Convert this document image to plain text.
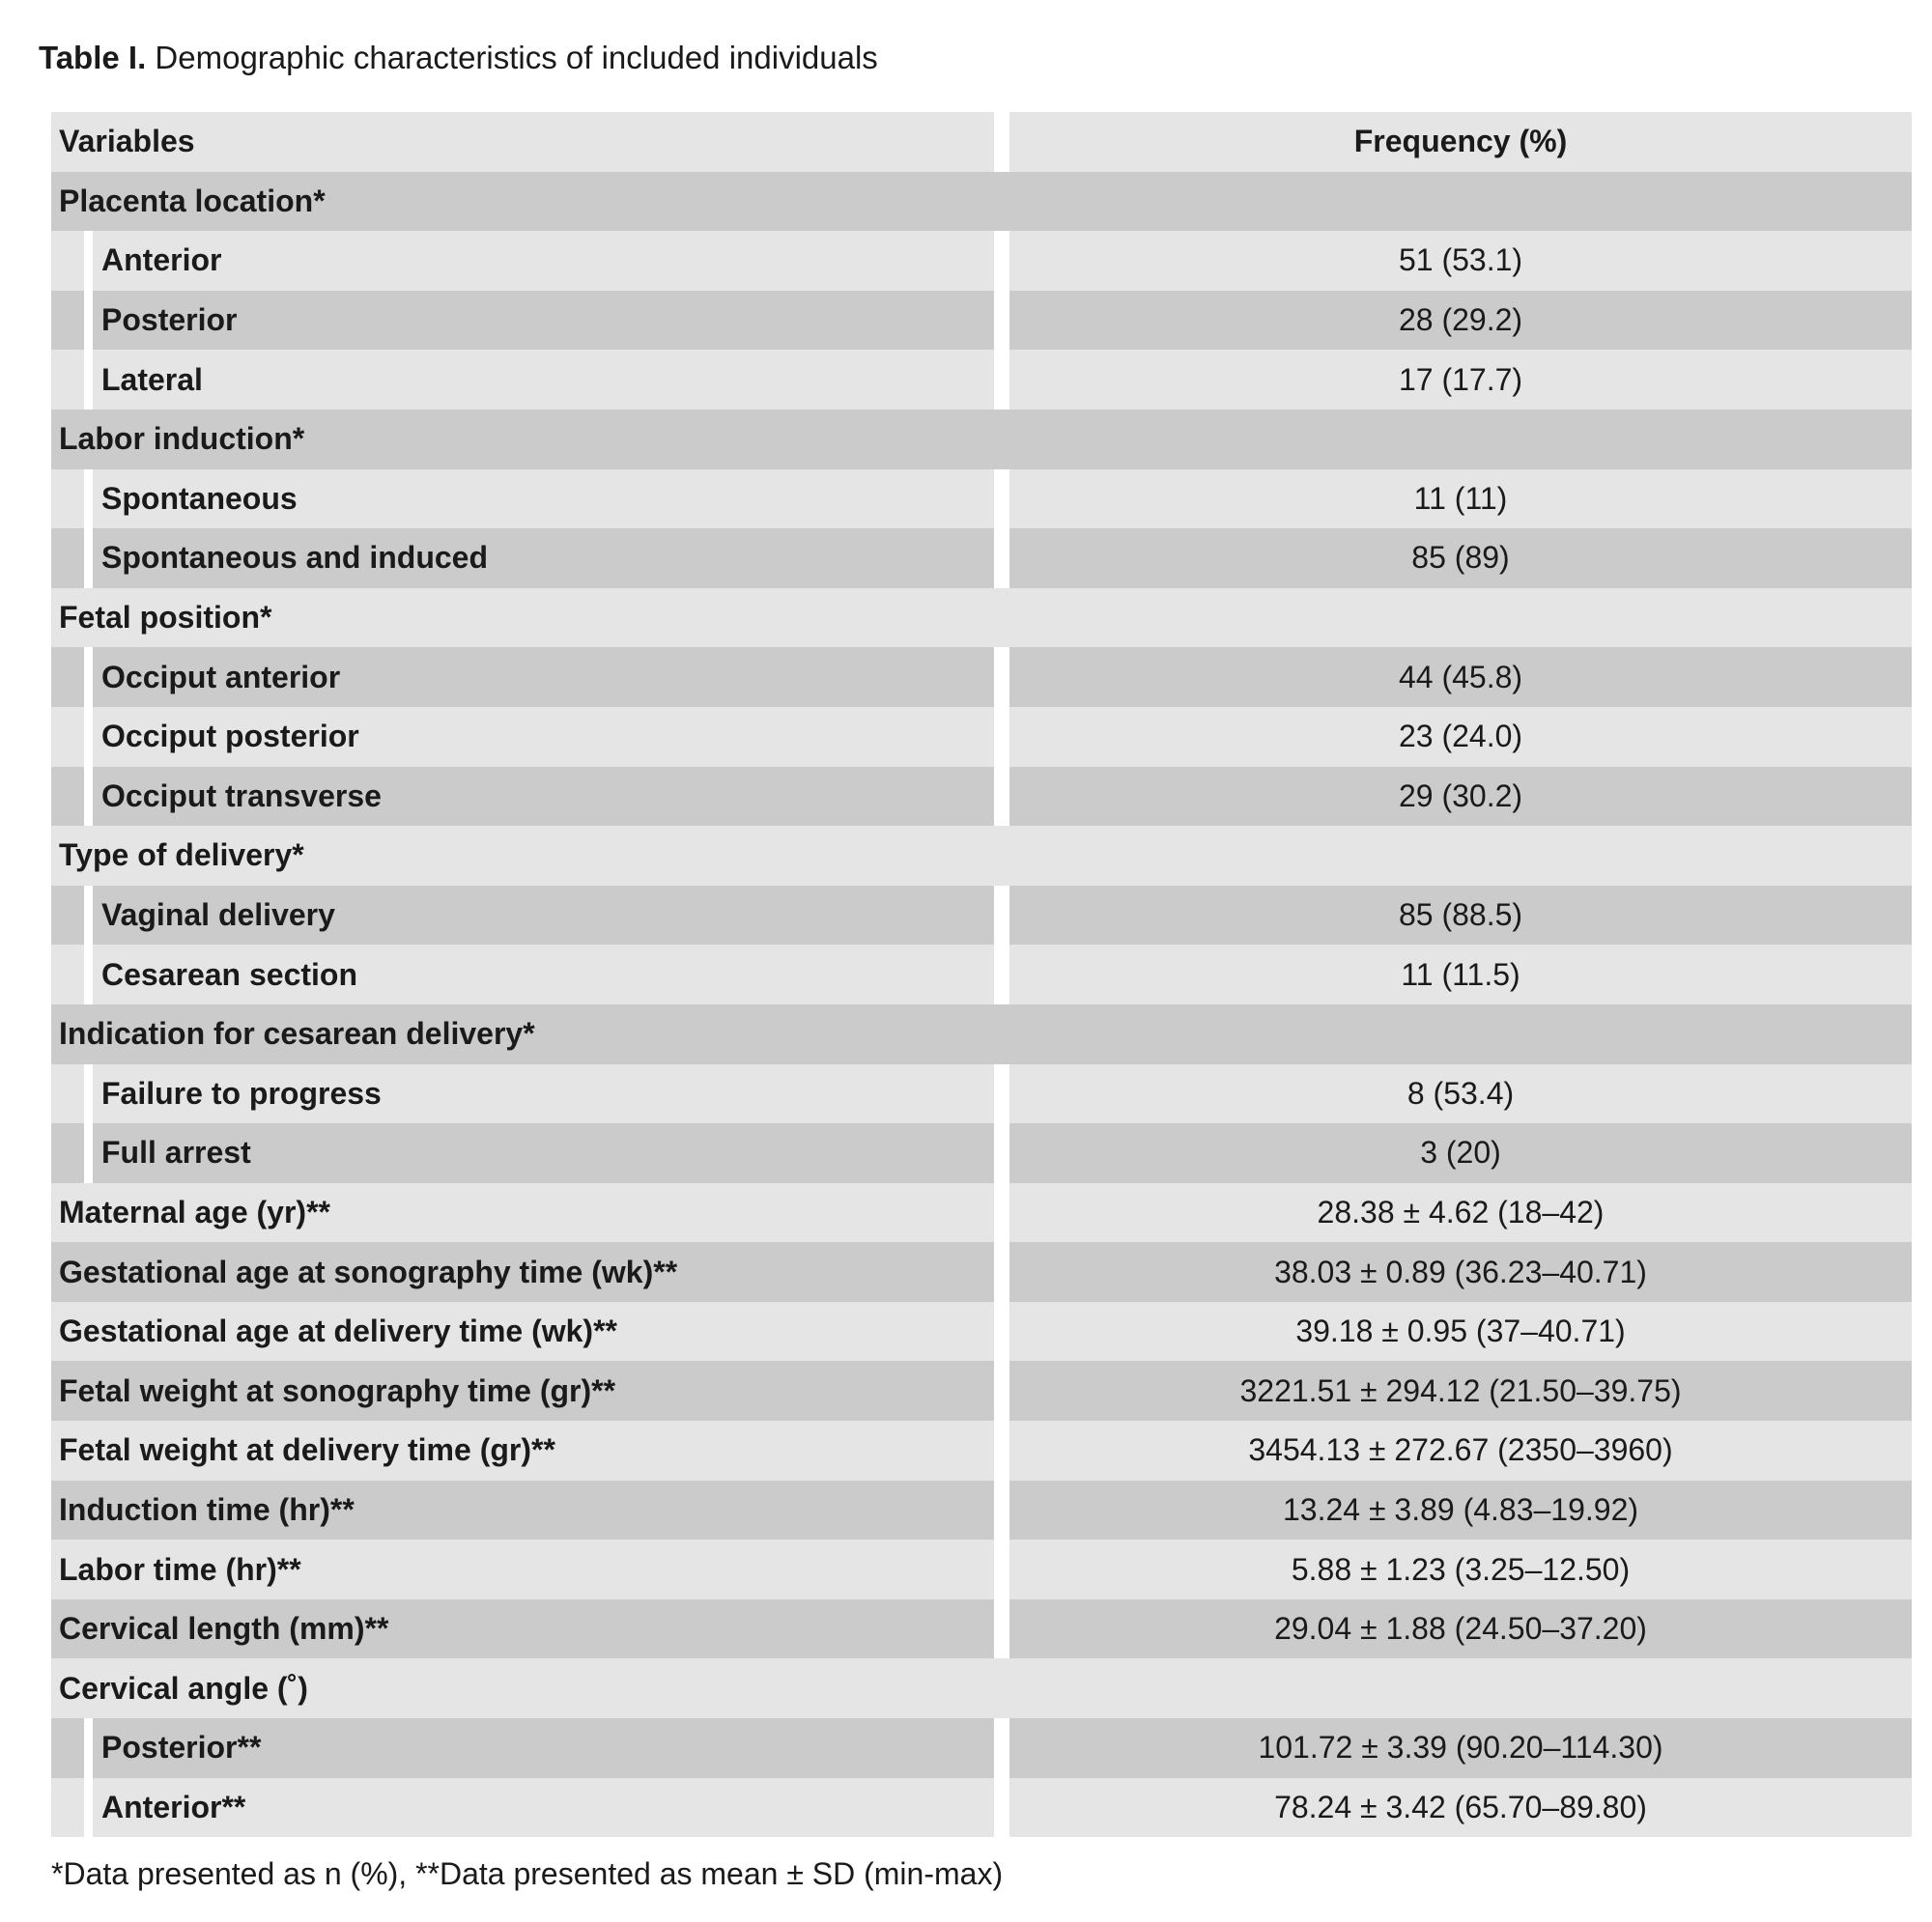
Table I. Demographic characteristics of included individuals
Variables	Frequency (%)
Placenta location*
Anterior	51 (53.1)
Posterior	28 (29.2)
Lateral	17 (17.7)
Labor induction*
Spontaneous	11 (11)
Spontaneous and induced	85 (89)
Fetal position*
Occiput anterior	44 (45.8)
Occiput posterior	23 (24.0)
Occiput transverse	29 (30.2)
Type of delivery*
Vaginal delivery	85 (88.5)
Cesarean section	11 (11.5)
Indication for cesarean delivery*
Failure to progress	8 (53.4)
Full arrest	3 (20)
Maternal age (yr)**	28.38 ± 4.62 (18–42)
Gestational age at sonography time (wk)**	38.03 ± 0.89 (36.23–40.71)
Gestational age at delivery time (wk)**	39.18 ± 0.95 (37–40.71)
Fetal weight at sonography time (gr)**	3221.51 ± 294.12 (21.50–39.75)
Fetal weight at delivery time (gr)**	3454.13 ± 272.67 (2350–3960)
Induction time (hr)**	13.24 ± 3.89 (4.83–19.92)
Labor time (hr)**	5.88 ± 1.23 (3.25–12.50)
Cervical length (mm)**	29.04 ± 1.88 (24.50–37.20)
Cervical angle (˚)
Posterior**	101.72 ± 3.39 (90.20–114.30)
Anterior**	78.24 ± 3.42 (65.70–89.80)
*Data presented as n (%), **Data presented as mean ± SD (min-max)
